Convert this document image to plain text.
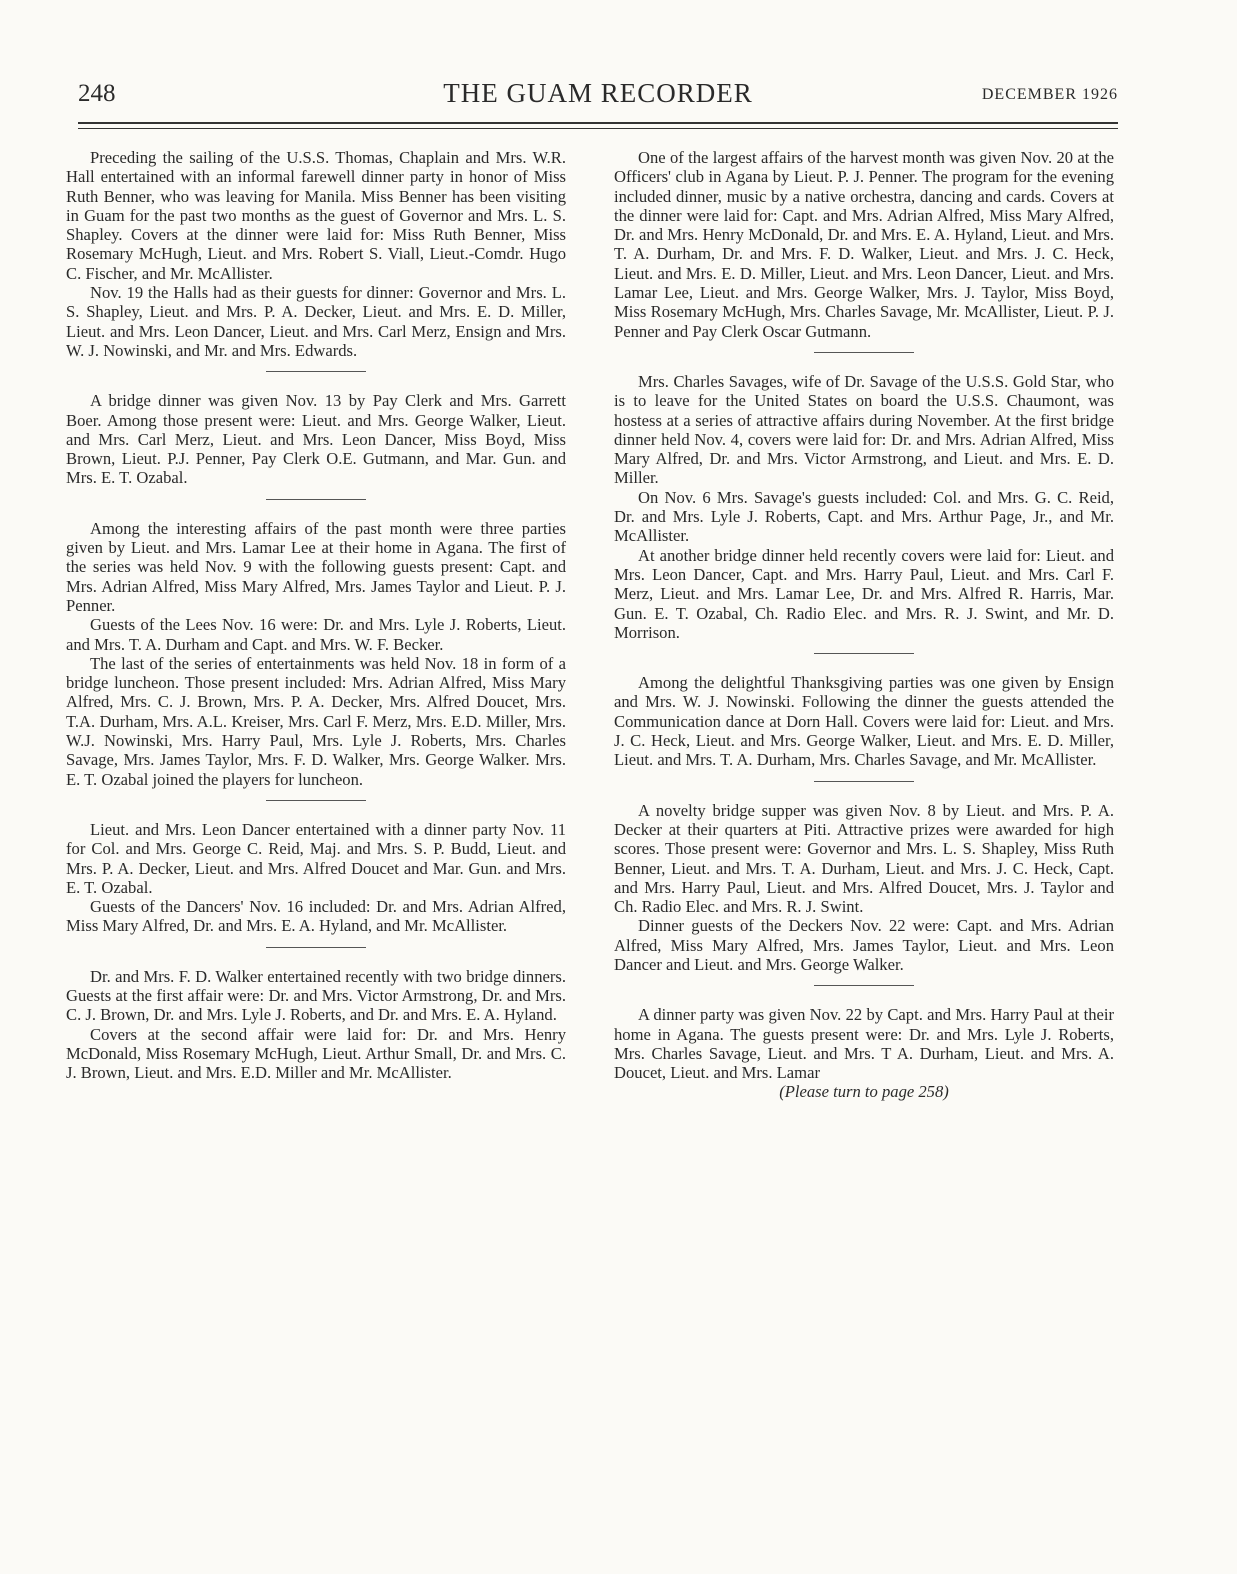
248	THE GUAM RECORDER	DECEMBER 1926

Preceding the sailing of the U.S.S. Thomas, Chaplain and Mrs. W.R. Hall entertained with an informal farewell dinner party in honor of Miss Ruth Benner, who was leaving for Manila. Miss Benner has been visiting in Guam for the past two months as the guest of Governor and Mrs. L. S. Shapley. Covers at the dinner were laid for: Miss Ruth Benner, Miss Rosemary McHugh, Lieut. and Mrs. Robert S. Viall, Lieut.-Comdr. Hugo C. Fischer, and Mr. McAllister.

Nov. 19 the Halls had as their guests for dinner: Governor and Mrs. L. S. Shapley, Lieut. and Mrs. P. A. Decker, Lieut. and Mrs. E. D. Miller, Lieut. and Mrs. Leon Dancer, Lieut. and Mrs. Carl Merz, Ensign and Mrs. W. J. Nowinski, and Mr. and Mrs. Edwards.

A bridge dinner was given Nov. 13 by Pay Clerk and Mrs. Garrett Boer. Among those present were: Lieut. and Mrs. George Walker, Lieut. and Mrs. Carl Merz, Lieut. and Mrs. Leon Dancer, Miss Boyd, Miss Brown, Lieut. P.J. Penner, Pay Clerk O.E. Gutmann, and Mar. Gun. and Mrs. E. T. Ozabal.

Among the interesting affairs of the past month were three parties given by Lieut. and Mrs. Lamar Lee at their home in Agana. The first of the series was held Nov. 9 with the following guests present: Capt. and Mrs. Adrian Alfred, Miss Mary Alfred, Mrs. James Taylor and Lieut. P. J. Penner.

Guests of the Lees Nov. 16 were: Dr. and Mrs. Lyle J. Roberts, Lieut. and Mrs. T. A. Durham and Capt. and Mrs. W. F. Becker.

The last of the series of entertainments was held Nov. 18 in form of a bridge luncheon. Those present included: Mrs. Adrian Alfred, Miss Mary Alfred, Mrs. C. J. Brown, Mrs. P. A. Decker, Mrs. Alfred Doucet, Mrs. T.A. Durham, Mrs. A.L. Kreiser, Mrs. Carl F. Merz, Mrs. E.D. Miller, Mrs. W.J. Nowinski, Mrs. Harry Paul, Mrs. Lyle J. Roberts, Mrs. Charles Savage, Mrs. James Taylor, Mrs. F. D. Walker, Mrs. George Walker. Mrs. E. T. Ozabal joined the players for luncheon.

Lieut. and Mrs. Leon Dancer entertained with a dinner party Nov. 11 for Col. and Mrs. George C. Reid, Maj. and Mrs. S. P. Budd, Lieut. and Mrs. P. A. Decker, Lieut. and Mrs. Alfred Doucet and Mar. Gun. and Mrs. E. T. Ozabal.

Guests of the Dancers' Nov. 16 included: Dr. and Mrs. Adrian Alfred, Miss Mary Alfred, Dr. and Mrs. E. A. Hyland, and Mr. McAllister.

Dr. and Mrs. F. D. Walker entertained recently with two bridge dinners. Guests at the first affair were: Dr. and Mrs. Victor Armstrong, Dr. and Mrs. C. J. Brown, Dr. and Mrs. Lyle J. Roberts, and Dr. and Mrs. E. A. Hyland.

Covers at the second affair were laid for: Dr. and Mrs. Henry McDonald, Miss Rosemary McHugh, Lieut. Arthur Small, Dr. and Mrs. C. J. Brown, Lieut. and Mrs. E.D. Miller and Mr. McAllister.

One of the largest affairs of the harvest month was given Nov. 20 at the Officers' club in Agana by Lieut. P. J. Penner. The program for the evening included dinner, music by a native orchestra, dancing and cards. Covers at the dinner were laid for: Capt. and Mrs. Adrian Alfred, Miss Mary Alfred, Dr. and Mrs. Henry McDonald, Dr. and Mrs. E. A. Hyland, Lieut. and Mrs. T. A. Durham, Dr. and Mrs. F. D. Walker, Lieut. and Mrs. J. C. Heck, Lieut. and Mrs. E. D. Miller, Lieut. and Mrs. Leon Dancer, Lieut. and Mrs. Lamar Lee, Lieut. and Mrs. George Walker, Mrs. J. Taylor, Miss Boyd, Miss Rosemary McHugh, Mrs. Charles Savage, Mr. McAllister, Lieut. P. J. Penner and Pay Clerk Oscar Gutmann.

Mrs. Charles Savages, wife of Dr. Savage of the U.S.S. Gold Star, who is to leave for the United States on board the U.S.S. Chaumont, was hostess at a series of attractive affairs during November. At the first bridge dinner held Nov. 4, covers were laid for: Dr. and Mrs. Adrian Alfred, Miss Mary Alfred, Dr. and Mrs. Victor Armstrong, and Lieut. and Mrs. E. D. Miller.

On Nov. 6 Mrs. Savage's guests included: Col. and Mrs. G. C. Reid, Dr. and Mrs. Lyle J. Roberts, Capt. and Mrs. Arthur Page, Jr., and Mr. McAllister.

At another bridge dinner held recently covers were laid for: Lieut. and Mrs. Leon Dancer, Capt. and Mrs. Harry Paul, Lieut. and Mrs. Carl F. Merz, Lieut. and Mrs. Lamar Lee, Dr. and Mrs. Alfred R. Harris, Mar. Gun. E. T. Ozabal, Ch. Radio Elec. and Mrs. R. J. Swint, and Mr. D. Morrison.

Among the delightful Thanksgiving parties was one given by Ensign and Mrs. W. J. Nowinski. Following the dinner the guests attended the Communication dance at Dorn Hall. Covers were laid for: Lieut. and Mrs. J. C. Heck, Lieut. and Mrs. George Walker, Lieut. and Mrs. E. D. Miller, Lieut. and Mrs. T. A. Durham, Mrs. Charles Savage, and Mr. McAllister.

A novelty bridge supper was given Nov. 8 by Lieut. and Mrs. P. A. Decker at their quarters at Piti. Attractive prizes were awarded for high scores. Those present were: Governor and Mrs. L. S. Shapley, Miss Ruth Benner, Lieut. and Mrs. T. A. Durham, Lieut. and Mrs. J. C. Heck, Capt. and Mrs. Harry Paul, Lieut. and Mrs. Alfred Doucet, Mrs. J. Taylor and Ch. Radio Elec. and Mrs. R. J. Swint.

Dinner guests of the Deckers Nov. 22 were: Capt. and Mrs. Adrian Alfred, Miss Mary Alfred, Mrs. James Taylor, Lieut. and Mrs. Leon Dancer and Lieut. and Mrs. George Walker.

A dinner party was given Nov. 22 by Capt. and Mrs. Harry Paul at their home in Agana. The guests present were: Dr. and Mrs. Lyle J. Roberts, Mrs. Charles Savage, Lieut. and Mrs. T A. Durham, Lieut. and Mrs. A. Doucet, Lieut. and Mrs. Lamar

(Please turn to page 258)
